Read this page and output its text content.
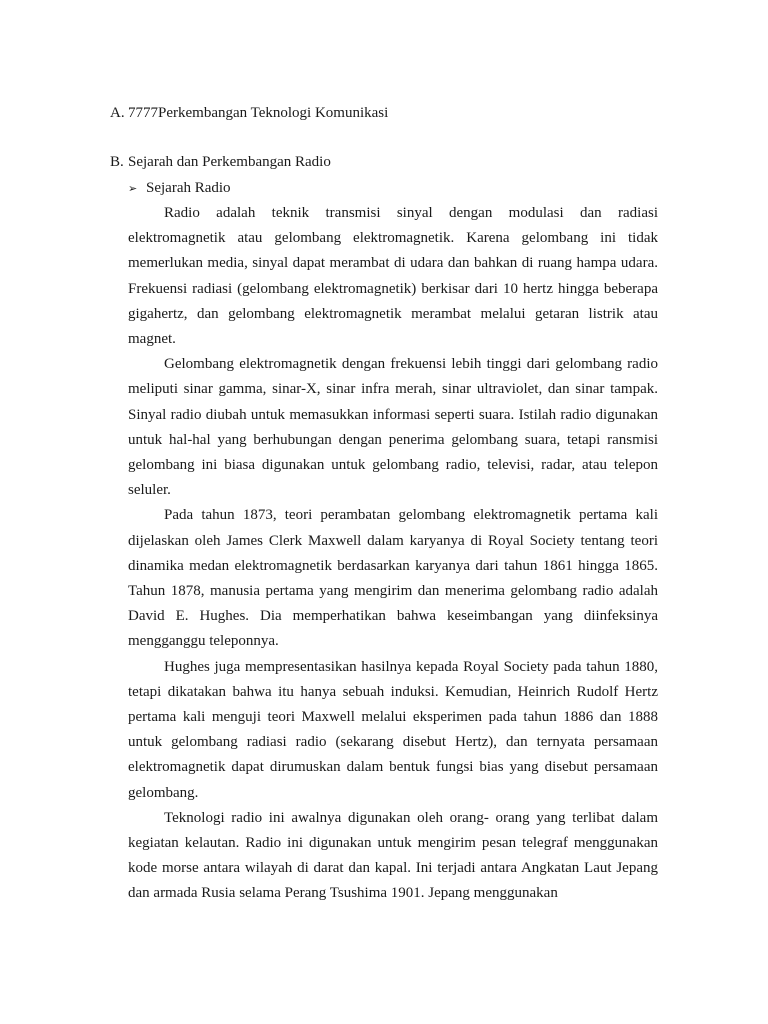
A. 7777Perkembangan Teknologi Komunikasi
B. Sejarah dan Perkembangan Radio
➢ Sejarah Radio

Radio adalah teknik transmisi sinyal dengan modulasi dan radiasi elektromagnetik atau gelombang elektromagnetik. Karena gelombang ini tidak memerlukan media, sinyal dapat merambat di udara dan bahkan di ruang hampa udara. Frekuensi radiasi (gelombang elektromagnetik) berkisar dari 10 hertz hingga beberapa gigahertz, dan gelombang elektromagnetik merambat melalui getaran listrik atau magnet.

Gelombang elektromagnetik dengan frekuensi lebih tinggi dari gelombang radio meliputi sinar gamma, sinar-X, sinar infra merah, sinar ultraviolet, dan sinar tampak. Sinyal radio diubah untuk memasukkan informasi seperti suara. Istilah radio digunakan untuk hal-hal yang berhubungan dengan penerima gelombang suara, tetapi ransmisi gelombang ini biasa digunakan untuk gelombang radio, televisi, radar, atau telepon seluler.

Pada tahun 1873, teori perambatan gelombang elektromagnetik pertama kali dijelaskan oleh James Clerk Maxwell dalam karyanya di Royal Society tentang teori dinamika medan elektromagnetik berdasarkan karyanya dari tahun 1861 hingga 1865. Tahun 1878, manusia pertama yang mengirim dan menerima gelombang radio adalah David E. Hughes. Dia memperhatikan bahwa keseimbangan yang diinfeksinya mengganggu teleponnya.

Hughes juga mempresentasikan hasilnya kepada Royal Society pada tahun 1880, tetapi dikatakan bahwa itu hanya sebuah induksi. Kemudian, Heinrich Rudolf Hertz pertama kali menguji teori Maxwell melalui eksperimen pada tahun 1886 dan 1888 untuk gelombang radiasi radio (sekarang disebut Hertz), dan ternyata persamaan elektromagnetik dapat dirumuskan dalam bentuk fungsi bias yang disebut persamaan gelombang.

Teknologi radio ini awalnya digunakan oleh orang- orang yang terlibat dalam kegiatan kelautan. Radio ini digunakan untuk mengirim pesan telegraf menggunakan kode morse antara wilayah di darat dan kapal. Ini terjadi antara Angkatan Laut Jepang dan armada Rusia selama Perang Tsushima 1901. Jepang menggunakan
